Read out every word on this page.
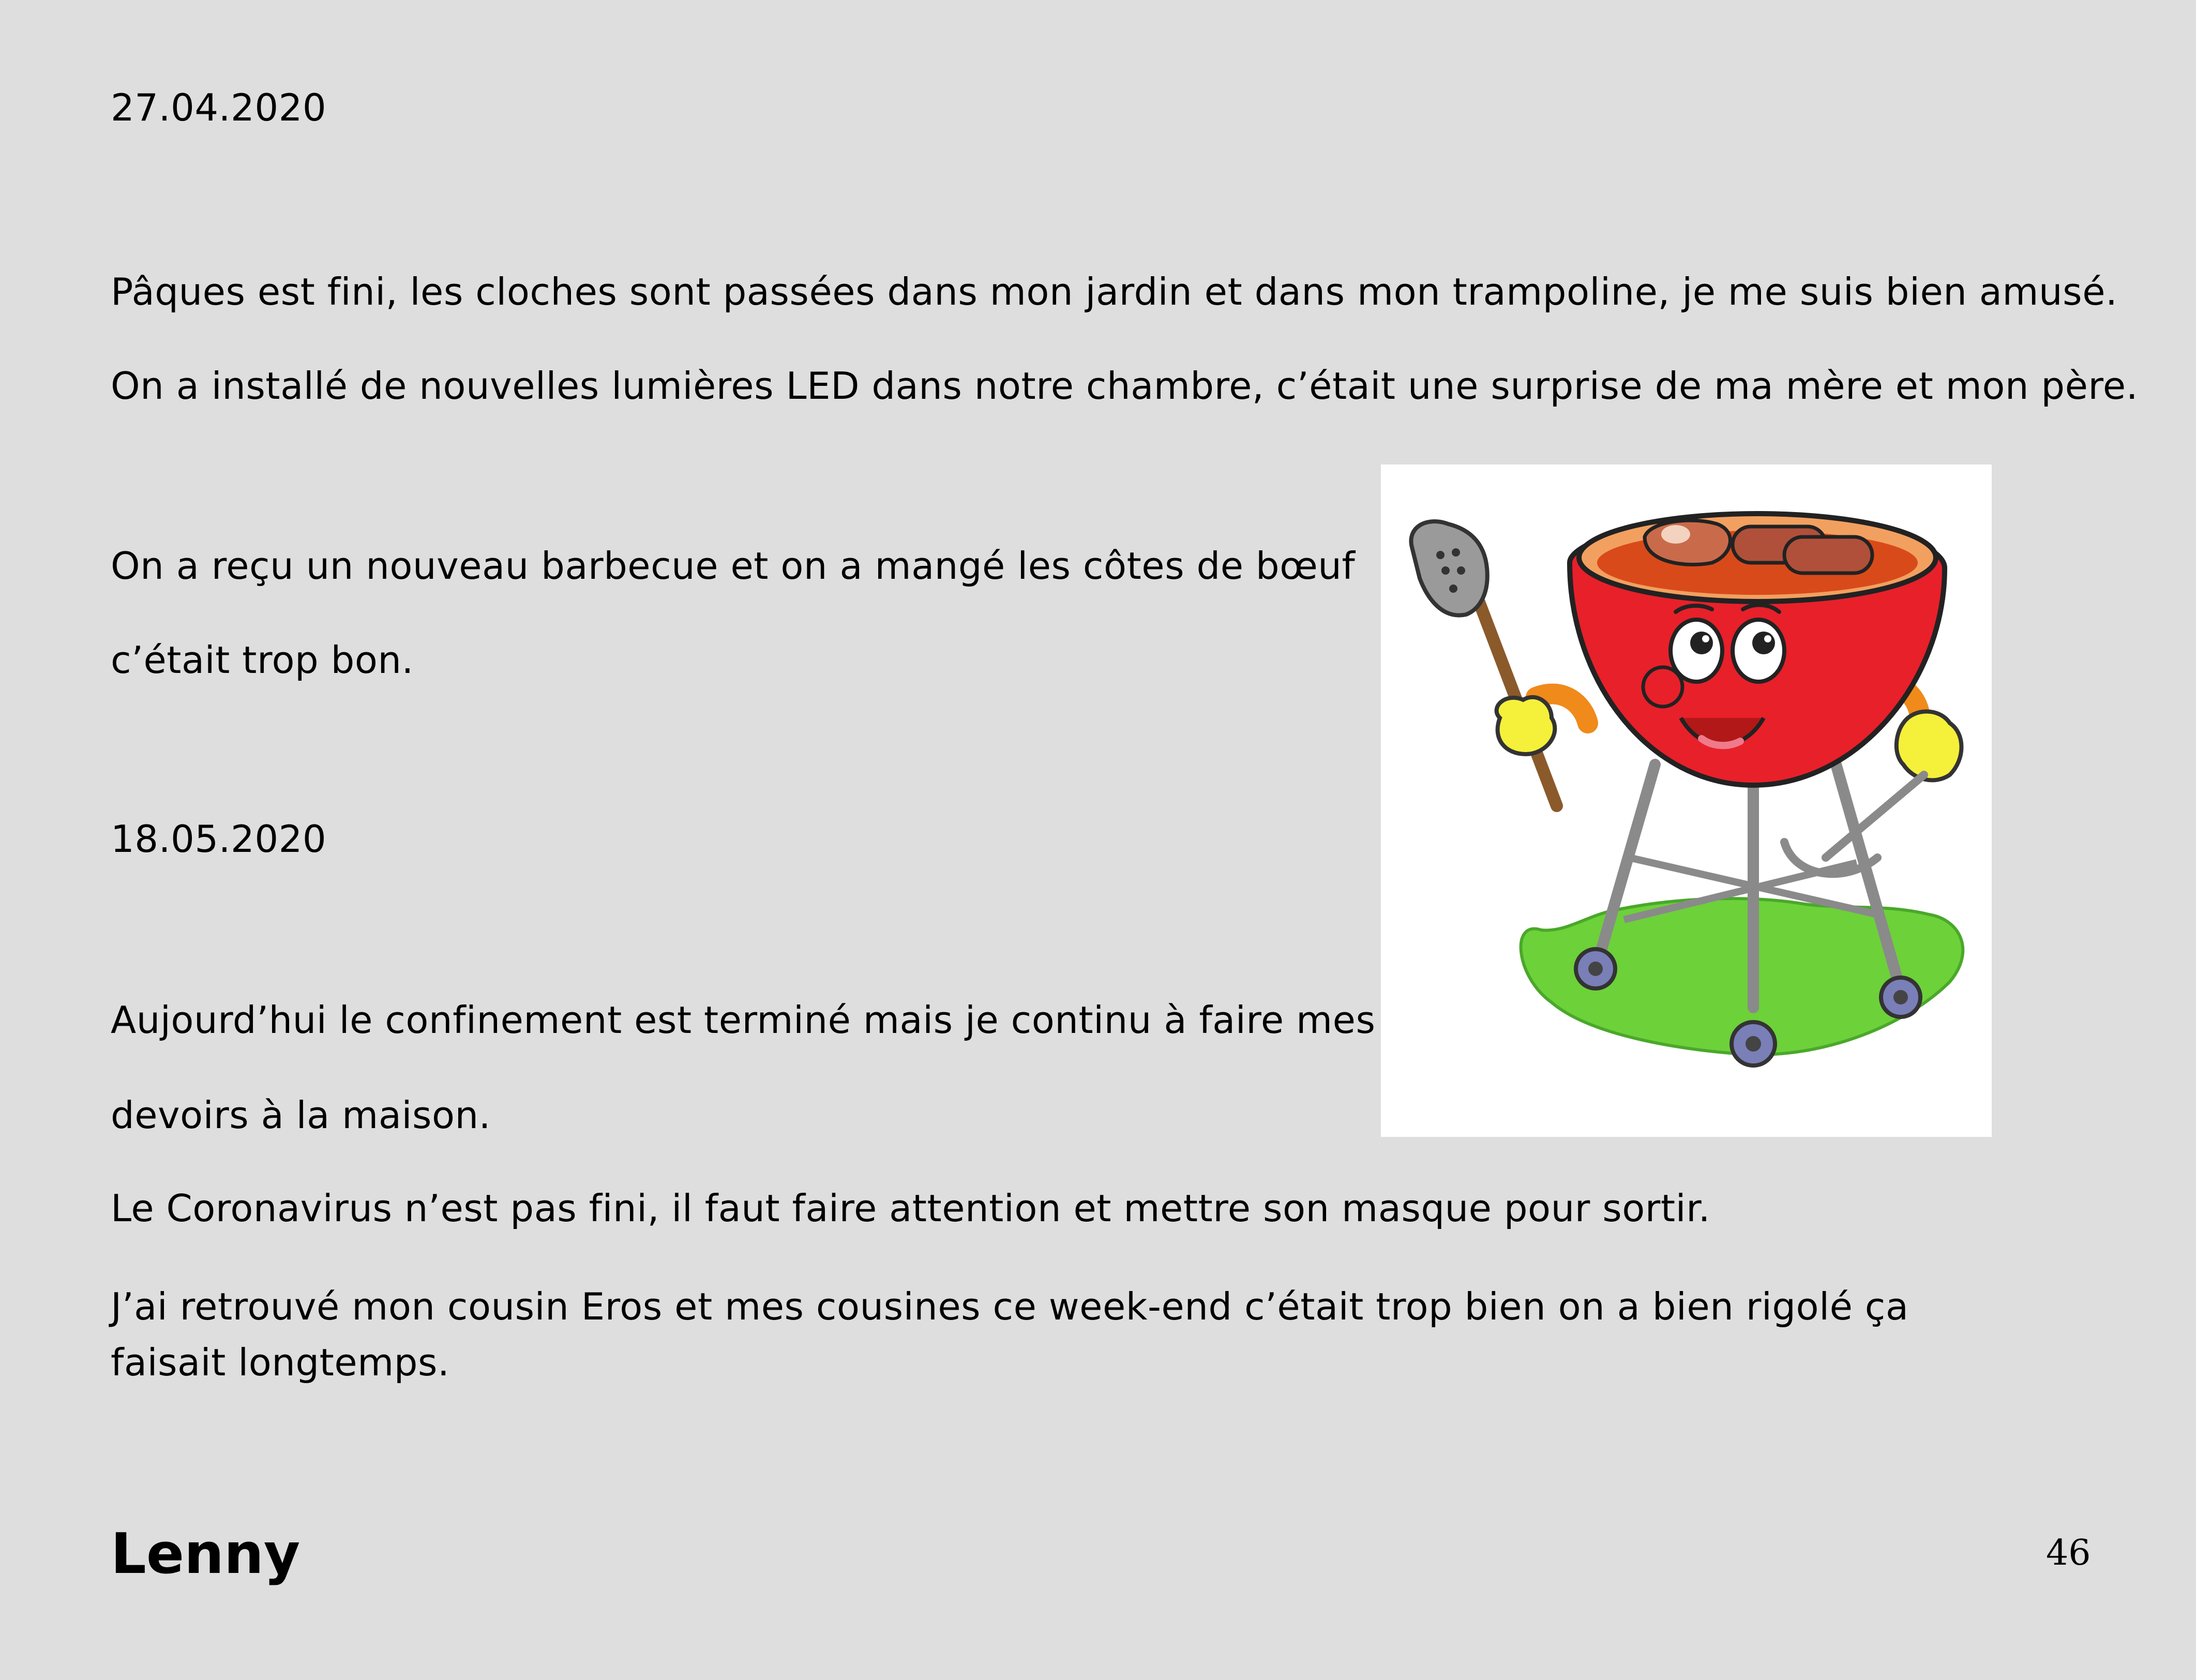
27.04.2020
Pâques est fini, les cloches sont passées dans mon jardin et dans mon trampoline, je me suis bien amusé.
On a installé de nouvelles lumières LED dans notre chambre, c’était une surprise de ma mère et mon père.
On a reçu un nouveau barbecue et on a mangé les côtes de bœuf
c’était trop bon.
18.05.2020
Aujourd’hui le confinement est terminé mais je continu à faire mes
devoirs à la maison.
Le Coronavirus n’est pas fini, il faut faire attention et mettre son masque pour sortir.
J’ai retrouvé mon cousin Eros et mes cousines ce week-end c’était trop bien on a bien rigolé ça faisait longtemps.
Lenny	46
